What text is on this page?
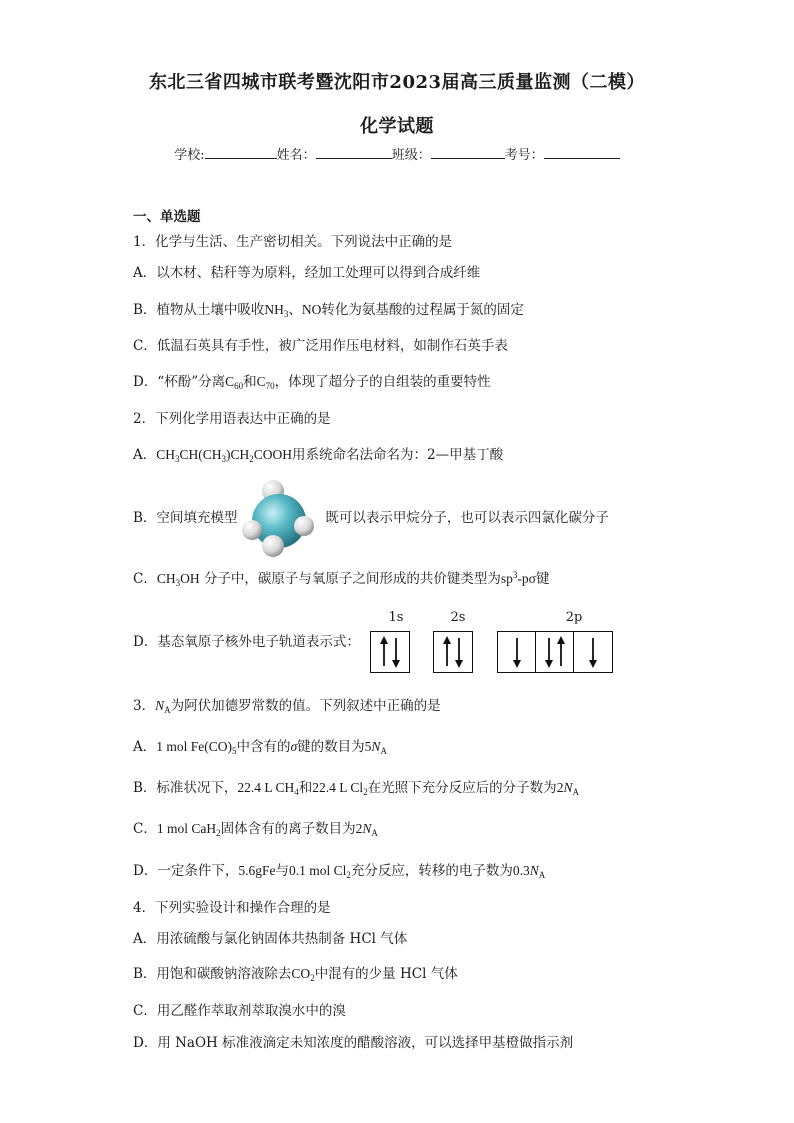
东北三省四城市联考暨沈阳市2023届高三质量监测（二模）
化学试题
学校:	姓名：	班级：	考号：
一、单选题
1．化学与生活、生产密切相关。下列说法中正确的是
A．以木材、秸秆等为原料，经加工处理可以得到合成纤维
B．植物从土壤中吸收$NH_3$、NO转化为氨基酸的过程属于氮的固定
C．低温石英具有手性，被广泛用作压电材料，如制作石英手表
D．“杯酚”分离$C_{60}$和$C_{70}$，体现了超分子的自组装的重要特性
2．下列化学用语表达中正确的是
A．$CH_3CH(CH_3)CH_2COOH$用系统命名法命名为：2—甲基丁酸
B．空间填充模型	既可以表示甲烷分子，也可以表示四氯化碳分子
C．$CH_3OH$ 分子中，碳原子与氧原子之间形成的共价键类型为$sp^3-p\sigma$键
D．基态氧原子核外电子轨道表示式：
1s	2s	2p
3．$N_A$为阿伏加德罗常数的值。下列叙述中正确的是
A．1 mol $Fe(CO)_5$中含有的σ键的数目为$5N_A$
B．标准状况下，22.4 L $CH_4$和22.4 L $Cl_2$在光照下充分反应后的分子数为$2N_A$
C．1 mol CaH$_2$固体含有的离子数目为$2N_A$
D．一定条件下，5.6gFe与0.1 mol $Cl_2$充分反应，转移的电子数为$0.3N_A$
4．下列实验设计和操作合理的是
A．用浓硫酸与氯化钠固体共热制备 HCl 气体
B．用饱和碳酸钠溶液除去$CO_2$中混有的少量 HCl 气体
C．用乙醛作萃取剂萃取溴水中的溴
D．用 NaOH 标准液滴定未知浓度的醋酸溶液，可以选择甲基橙做指示剂
